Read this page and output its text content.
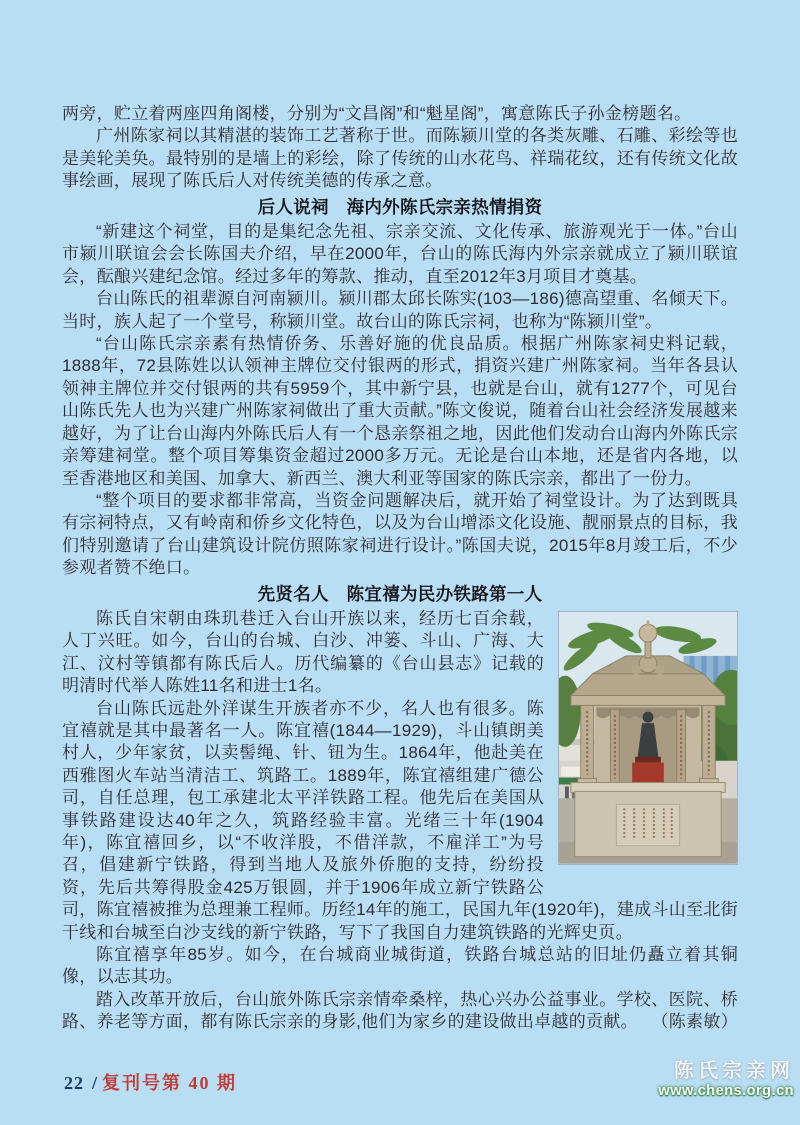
两旁，贮立着两座四角阁楼，分别为“文昌阁”和“魁星阁”，寓意陈氏子孙金榜题名。

广州陈家祠以其精湛的装饰工艺著称于世。而陈颍川堂的各类灰雕、石雕、彩绘等也是美轮美奂。最特别的是墙上的彩绘，除了传统的山水花鸟、祥瑞花纹，还有传统文化故事绘画，展现了陈氏后人对传统美德的传承之意。

后人说祠　海内外陈氏宗亲热情捐资

“新建这个祠堂，目的是集纪念先祖、宗亲交流、文化传承、旅游观光于一体。”台山市颍川联谊会会长陈国夫介绍，早在2000年，台山的陈氏海内外宗亲就成立了颍川联谊会，酝酿兴建纪念馆。经过多年的筹款、推动，直至2012年3月项目才奠基。

台山陈氏的祖辈源自河南颍川。颍川郡太邱长陈实(103—186)德高望重、名倾天下。当时，族人起了一个堂号，称颍川堂。故台山的陈氏宗祠，也称为“陈颍川堂”。

“台山陈氏宗亲素有热情侨务、乐善好施的优良品质。根据广州陈家祠史料记载，1888年，72县陈姓以认领神主牌位交付银两的形式，捐资兴建广州陈家祠。当年各县认领神主牌位并交付银两的共有5959个，其中新宁县，也就是台山，就有1277个，可见台山陈氏先人也为兴建广州陈家祠做出了重大贡献。”陈文俊说，随着台山社会经济发展越来越好，为了让台山海内外陈氏后人有一个恳亲祭祖之地，因此他们发动台山海内外陈氏宗亲筹建祠堂。整个项目筹集资金超过2000多万元。无论是台山本地，还是省内各地，以至香港地区和美国、加拿大、新西兰、澳大利亚等国家的陈氏宗亲，都出了一份力。

“整个项目的要求都非常高，当资金问题解决后，就开始了祠堂设计。为了达到既具有宗祠特点，又有岭南和侨乡文化特色，以及为台山增添文化设施、靓丽景点的目标，我们特别邀请了台山建筑设计院仿照陈家祠进行设计。”陈国夫说，2015年8月竣工后，不少参观者赞不绝口。

先贤名人　陈宜禧为民办铁路第一人

陈氏自宋朝由珠玑巷迁入台山开族以来，经历七百余载，人丁兴旺。如今，台山的台城、白沙、冲篓、斗山、广海、大江、汶村等镇都有陈氏后人。历代编纂的《台山县志》记载的明清时代举人陈姓11名和进士1名。

台山陈氏远赴外洋谋生开族者亦不少，名人也有很多。陈宜禧就是其中最著名一人。陈宜禧(1844—1929)，斗山镇朗美村人，少年家贫，以卖髻绳、针、钮为生。1864年，他赴美在西雅图火车站当清洁工、筑路工。1889年，陈宜禧组建广德公司，自任总理，包工承建北太平洋铁路工程。他先后在美国从事铁路建设达40年之久，筑路经验丰富。光绪三十年(1904年)，陈宜禧回乡，以“不收洋股，不借洋款，不雇洋工”为号召，倡建新宁铁路，得到当地人及旅外侨胞的支持，纷纷投资，先后共筹得股金425万银圆，并于1906年成立新宁铁路公司，陈宜禧被推为总理兼工程师。历经14年的施工，民国九年(1920年)，建成斗山至北街干线和台城至白沙支线的新宁铁路，写下了我国自力建筑铁路的光辉史页。

陈宜禧享年85岁。如今，在台城商业城街道，铁路台城总站的旧址仍矗立着其铜像，以志其功。

踏入改革开放后，台山旅外陈氏宗亲情牵桑梓，热心兴办公益事业。学校、医院、桥路、养老等方面，都有陈氏宗亲的身影,他们为家乡的建设做出卓越的贡献。 （陈素敏）

22 / 复刊号第 40 期
陈氏宗亲网
www.chens.org.cn
